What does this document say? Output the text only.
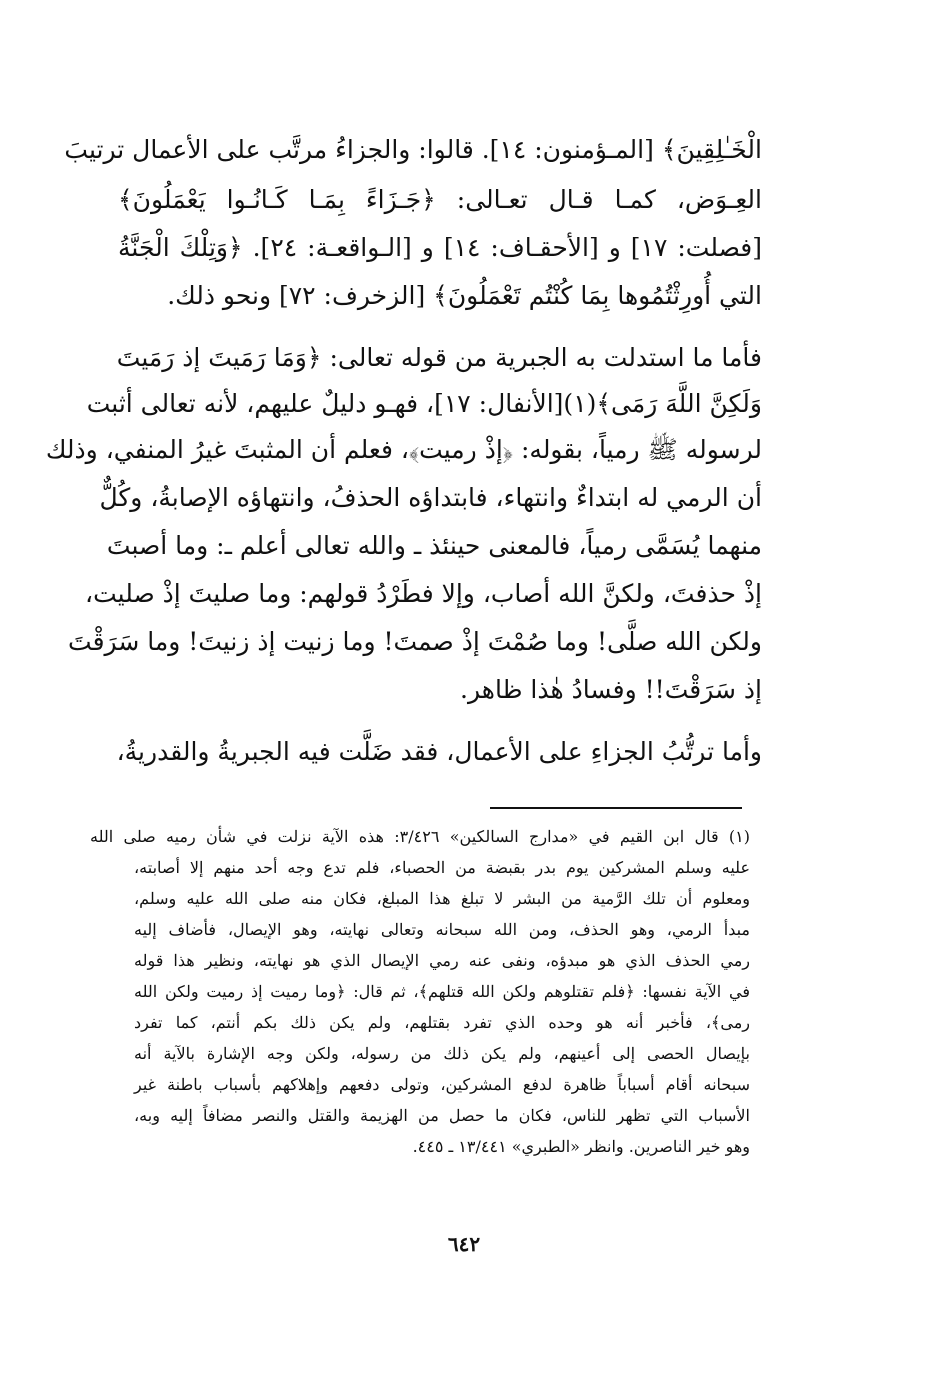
الْخَـٰلِقِينَ﴾ [المـؤمنون: ١٤]. قالوا: والجزاءُ مرتَّب على الأعمال ترتيبَ
العِـوَض، كمـا قـال تعـالى: ﴿جَـزَاءً بِمَـا كَـانُـوا يَعْمَلُونَ﴾
[فصلت: ١٧] و [الأحقـاف: ١٤] و [الـواقعـة: ٢٤]. ﴿وَتِلْكَ الْجَنَّةُ
التي أُورِثْتُمُوها بِمَا كُنْتُم تَعْمَلُونَ﴾ [الزخرف: ٧٢] ونحو ذلك.
فأما ما استدلت به الجبرية من قوله تعالى: ﴿وَمَا رَمَيتَ إذ رَمَيتَ
وَلَكِنَّ اللَّهَ رَمَى﴾(١)[الأنفال: ١٧]، فهـو دليلٌ عليهم، لأنه تعالى أثبت
لرسوله ﷺ رمياً، بقوله: ﴿إذْ رميت﴾، فعلم أن المثبتَ غيرُ المنفي، وذلك
أن الرمي له ابتداءٌ وانتهاء، فابتداؤه الحذفُ، وانتهاؤه الإصابةُ، وكُلٌّ
منهما يُسَمَّى رمياً، فالمعنى حينئذ ـ والله تعالى أعلم ـ: وما أصبتَ
إذْ حذفتَ، ولكنَّ الله أصاب، وإلا فطَرْدُ قولهم: وما صليتَ إذْ صليت،
ولكن الله صلَّى! وما صُمْتَ إذْ صمتَ! وما زنيت إذ زنيتَ! وما سَرَقْتَ
إذ سَرَقْتَ!! وفسادُ هٰذا ظاهر.
وأما ترتُّبُ الجزاءِ على الأعمال، فقد ضَلَّت فيه الجبريةُ والقدريةُ،
(١) قال ابن القيم في «مدارج السالكين» ٣/٤٢٦: هذه الآية نزلت في شأن رميه صلى الله
عليه وسلم المشركين يوم بدر بقبضة من الحصباء، فلم تدع وجه أحد منهم إلا أصابته،
ومعلوم أن تلك الرَّمية من البشر لا تبلغ هذا المبلغ، فكان منه صلى الله عليه وسلم،
مبدأ الرمي، وهو الحذف، ومن الله سبحانه وتعالى نهايته، وهو الإيصال، فأضاف إليه
رمي الحذف الذي هو مبدؤه، ونفى عنه رمي الإيصال الذي هو نهايته، ونظير هذا قوله
في الآية نفسها: ﴿فلم تقتلوهم ولكن الله قتلهم﴾، ثم قال: ﴿وما رميت إذ رميت ولكن الله
رمى﴾، فأخبر أنه هو وحده الذي تفرد بقتلهم، ولم يكن ذلك بكم أنتم، كما تفرد
بإيصال الحصى إلى أعينهم، ولم يكن ذلك من رسوله، ولكن وجه الإشارة بالآية أنه
سبحانه أقام أسباباً ظاهرة لدفع المشركين، وتولى دفعهم وإهلاكهم بأسباب باطنة غير
الأسباب التي تظهر للناس، فكان ما حصل من الهزيمة والقتل والنصر مضافاً إليه وبه،
وهو خير الناصرين. وانظر «الطبري» ١٣/٤٤١ ـ ٤٤٥.
٦٤٢
